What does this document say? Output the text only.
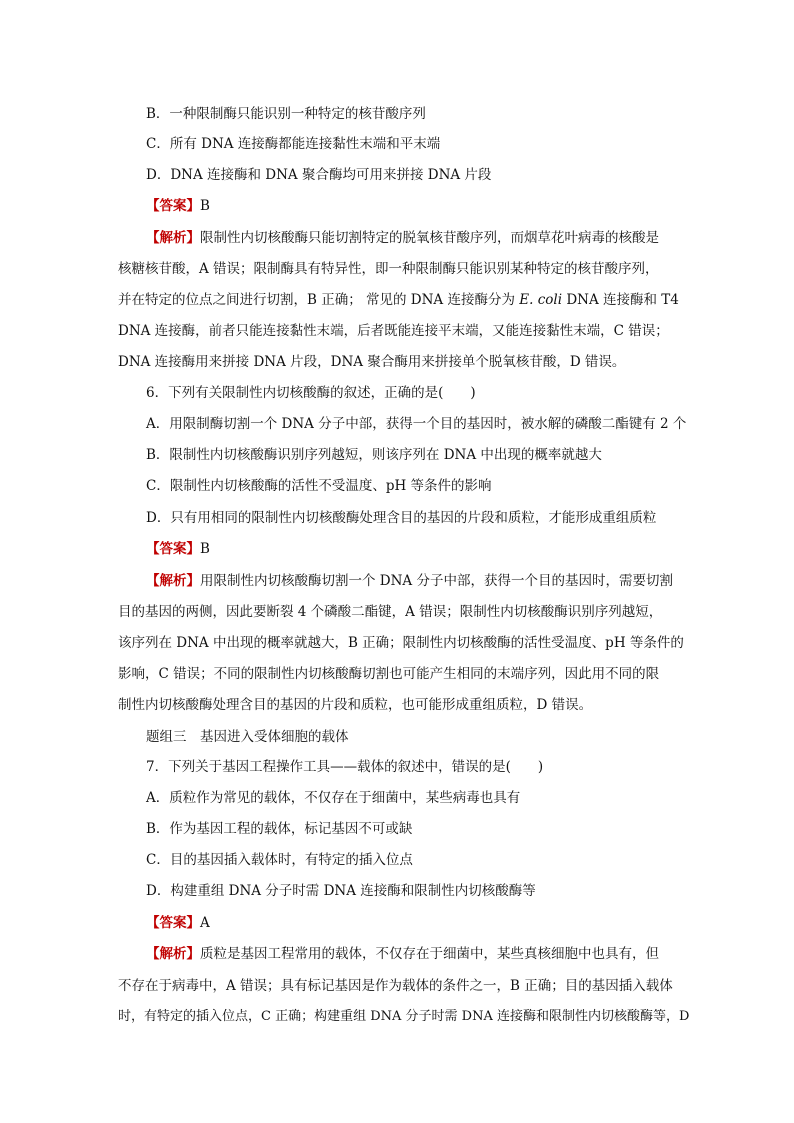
B．一种限制酶只能识别一种特定的核苷酸序列
C．所有 DNA 连接酶都能连接黏性末端和平末端
D．DNA 连接酶和 DNA 聚合酶均可用来拼接 DNA 片段
【答案】B
【解析】限制性内切核酸酶只能切割特定的脱氧核苷酸序列，而烟草花叶病毒的核酸是
核糖核苷酸，A 错误；限制酶具有特异性，即一种限制酶只能识别某种特定的核苷酸序列，
并在特定的位点之间进行切割，B 正确； 常见的 DNA 连接酶分为 E. coli DNA 连接酶和 T4
DNA 连接酶，前者只能连接黏性末端，后者既能连接平末端，又能连接黏性末端，C 错误；
DNA 连接酶用来拼接 DNA 片段，DNA 聚合酶用来拼接单个脱氧核苷酸，D 错误。
6．下列有关限制性内切核酸酶的叙述，正确的是(　　)
A．用限制酶切割一个 DNA 分子中部，获得一个目的基因时，被水解的磷酸二酯键有 2 个
B．限制性内切核酸酶识别序列越短，则该序列在 DNA 中出现的概率就越大
C．限制性内切核酸酶的活性不受温度、pH 等条件的影响
D．只有用相同的限制性内切核酸酶处理含目的基因的片段和质粒，才能形成重组质粒
【答案】B
【解析】用限制性内切核酸酶切割一个 DNA 分子中部，获得一个目的基因时，需要切割
目的基因的两侧，因此要断裂 4 个磷酸二酯键，A 错误；限制性内切核酸酶识别序列越短，
该序列在 DNA 中出现的概率就越大，B 正确；限制性内切核酸酶的活性受温度、pH 等条件的
影响，C 错误；不同的限制性内切核酸酶切割也可能产生相同的末端序列，因此用不同的限
制性内切核酸酶处理含目的基因的片段和质粒，也可能形成重组质粒，D 错误。
题组三　基因进入受体细胞的载体
7．下列关于基因工程操作工具——载体的叙述中，错误的是(　　)
A．质粒作为常见的载体，不仅存在于细菌中，某些病毒也具有
B．作为基因工程的载体，标记基因不可或缺
C．目的基因插入载体时，有特定的插入位点
D．构建重组 DNA 分子时需 DNA 连接酶和限制性内切核酸酶等
【答案】A
【解析】质粒是基因工程常用的载体，不仅存在于细菌中，某些真核细胞中也具有，但
不存在于病毒中，A 错误；具有标记基因是作为载体的条件之一，B 正确；目的基因插入载体
时，有特定的插入位点，C 正确；构建重组 DNA 分子时需 DNA 连接酶和限制性内切核酸酶等，D
